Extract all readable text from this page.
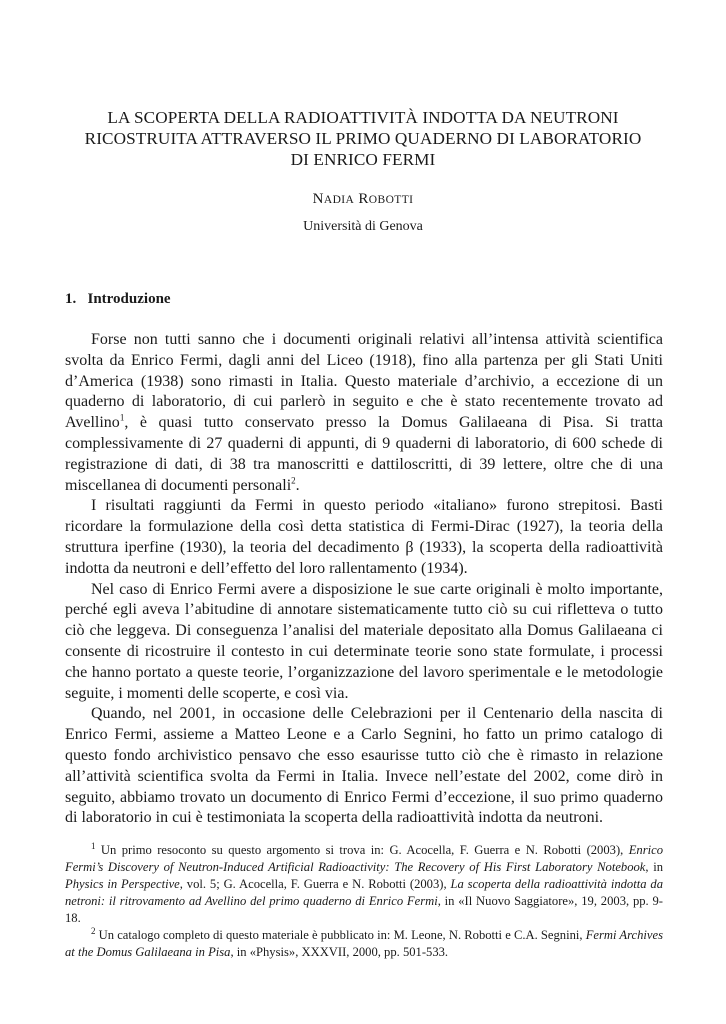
LA SCOPERTA DELLA RADIOATTIVITÀ INDOTTA DA NEUTRONI
RICOSTRUITA ATTRAVERSO IL PRIMO QUADERNO DI LABORATORIO
DI ENRICO FERMI
NADIA ROBOTTI
Università di Genova
1. Introduzione

Forse non tutti sanno che i documenti originali relativi all’intensa attività scientifica svolta da Enrico Fermi, dagli anni del Liceo (1918), fino alla partenza per gli Stati Uniti d’America (1938) sono rimasti in Italia. Questo materiale d’archivio, a eccezione di un quaderno di laboratorio, di cui parlerò in seguito e che è stato recentemente trovato ad Avellino$^1$, è quasi tutto conservato presso la Domus Galilaeana di Pisa. Si tratta complessivamente di 27 quaderni di appunti, di 9 quaderni di laboratorio, di 600 schede di registrazione di dati, di 38 tra manoscritti e dattiloscritti, di 39 lettere, oltre che di una miscellanea di documenti personali$^2$.

I risultati raggiunti da Fermi in questo periodo «italiano» furono strepitosi. Basti ricordare la formulazione della così detta statistica di Fermi-Dirac (1927), la teoria della struttura iperfine (1930), la teoria del decadimento β (1933), la scoperta della radioattività indotta da neutroni e dell’effetto del loro rallentamento (1934).

Nel caso di Enrico Fermi avere a disposizione le sue carte originali è molto importante, perché egli aveva l’abitudine di annotare sistematicamente tutto ciò su cui rifletteva o tutto ciò che leggeva. Di conseguenza l’analisi del materiale depositato alla Domus Galilaeana ci consente di ricostruire il contesto in cui determinate teorie sono state formulate, i processi che hanno portato a queste teorie, l’organizzazione del lavoro sperimentale e le metodologie seguite, i momenti delle scoperte, e così via.

Quando, nel 2001, in occasione delle Celebrazioni per il Centenario della nascita di Enrico Fermi, assieme a Matteo Leone e a Carlo Segnini, ho fatto un primo catalogo di questo fondo archivistico pensavo che esso esaurisse tutto ciò che è rimasto in relazione all’attività scientifica svolta da Fermi in Italia. Invece nell’estate del 2002, come dirò in seguito, abbiamo trovato un documento di Enrico Fermi d’eccezione, il suo primo quaderno di laboratorio in cui è testimoniata la scoperta della radioattività indotta da neutroni.

$^1$ Un primo resoconto su questo argomento si trova in: G. Acocella, F. Guerra e N. Robotti (2003), Enrico Fermi’s Discovery of Neutron-Induced Artificial Radioactivity: The Recovery of His First Laboratory Notebook, in Physics in Perspective, vol. 5; G. Acocella, F. Guerra e N. Robotti (2003), La scoperta della radioattività indotta da netroni: il ritrovamento ad Avellino del primo quaderno di Enrico Fermi, in «Il Nuovo Saggiatore», 19, 2003, pp. 9-18.

$^2$ Un catalogo completo di questo materiale è pubblicato in: M. Leone, N. Robotti e C.A. Segnini, Fermi Archives at the Domus Galilaeana in Pisa, in «Physis», XXXVII, 2000, pp. 501-533.
